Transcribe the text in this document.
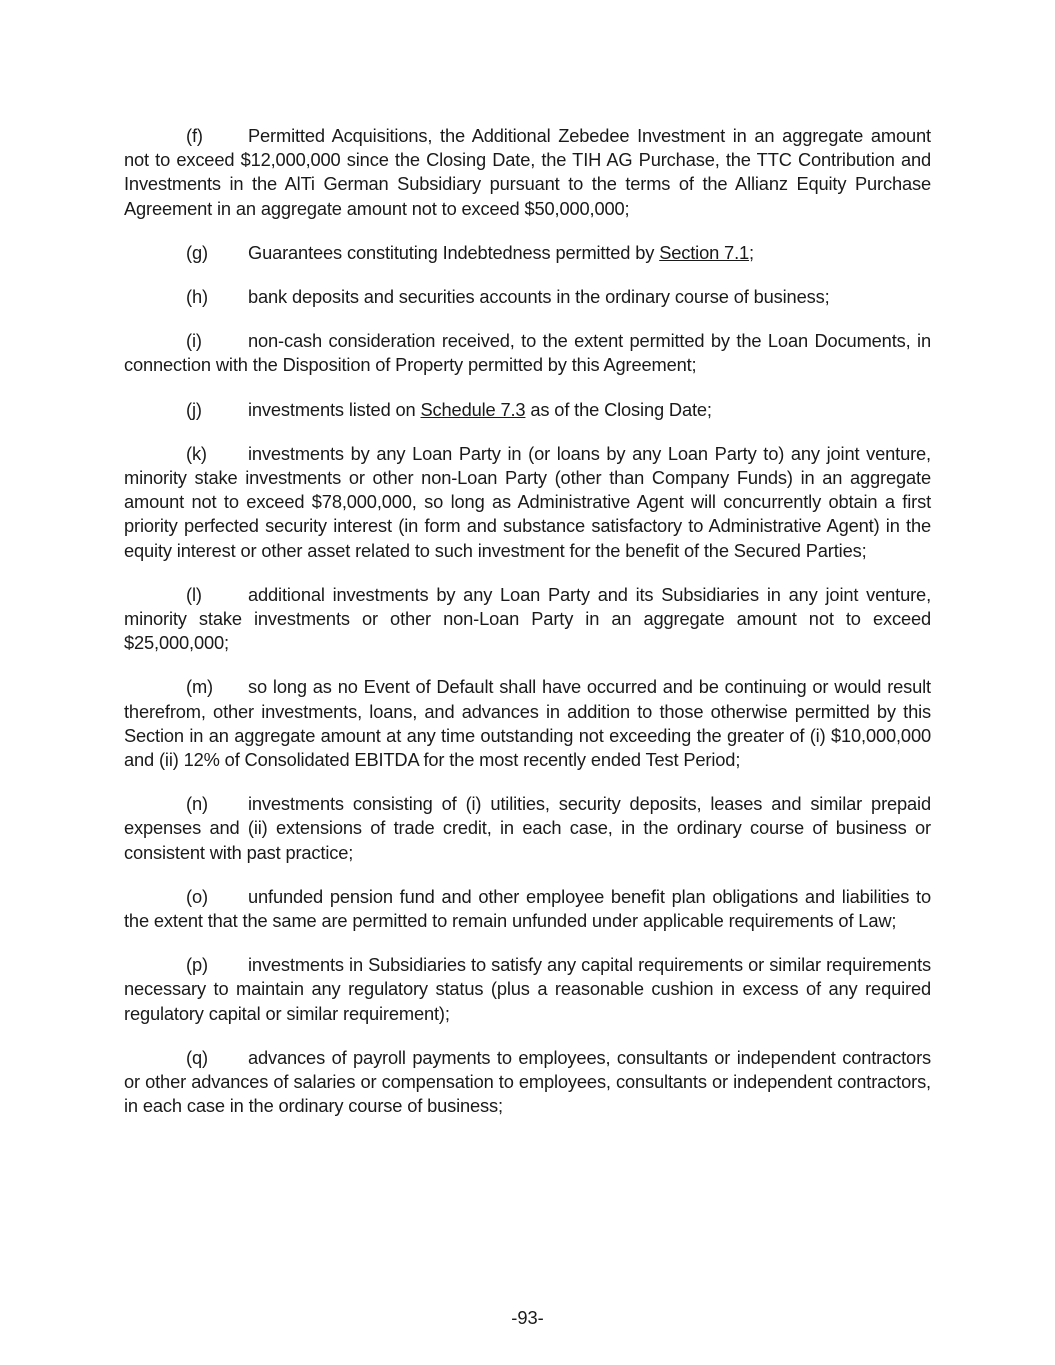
(f) Permitted Acquisitions, the Additional Zebedee Investment in an aggregate amount not to exceed $12,000,000 since the Closing Date, the TIH AG Purchase, the TTC Contribution and Investments in the AlTi German Subsidiary pursuant to the terms of the Allianz Equity Purchase Agreement in an aggregate amount not to exceed $50,000,000;

(g) Guarantees constituting Indebtedness permitted by Section 7.1;

(h) bank deposits and securities accounts in the ordinary course of business;

(i)	non-cash consideration received, to the extent permitted by the Loan Documents, in connection with the Disposition of Property permitted by this Agreement;

(j)	investments listed on Schedule 7.3 as of the Closing Date;

(k) investments by any Loan Party in (or loans by any Loan Party to) any joint venture, minority stake investments or other non-Loan Party (other than Company Funds) in an aggregate amount not to exceed $78,000,000, so long as Administrative Agent will concurrently obtain a first priority perfected security interest (in form and substance satisfactory to Administrative Agent) in the equity interest or other asset related to such investment for the benefit of the Secured Parties;

(l)	additional investments by any Loan Party and its Subsidiaries in any joint venture, minority stake investments or other non-Loan Party in an aggregate amount not to exceed $25,000,000;

(m) so long as no Event of Default shall have occurred and be continuing or would result therefrom, other investments, loans, and advances in addition to those otherwise permitted by this Section in an aggregate amount at any time outstanding not exceeding the greater of (i) $10,000,000 and (ii) 12% of Consolidated EBITDA for the most recently ended Test Period;

(n) investments consisting of (i) utilities, security deposits, leases and similar prepaid expenses and (ii) extensions of trade credit, in each case, in the ordinary course of business or consistent with past practice;

(o) unfunded pension fund and other employee benefit plan obligations and liabilities to the extent that the same are permitted to remain unfunded under applicable requirements of Law;

(p) investments in Subsidiaries to satisfy any capital requirements or similar requirements necessary to maintain any regulatory status (plus a reasonable cushion in excess of any required regulatory capital or similar requirement);

(q) advances of payroll payments to employees, consultants or independent contractors or other advances of salaries or compensation to employees, consultants or independent contractors, in each case in the ordinary course of business;

-93-
